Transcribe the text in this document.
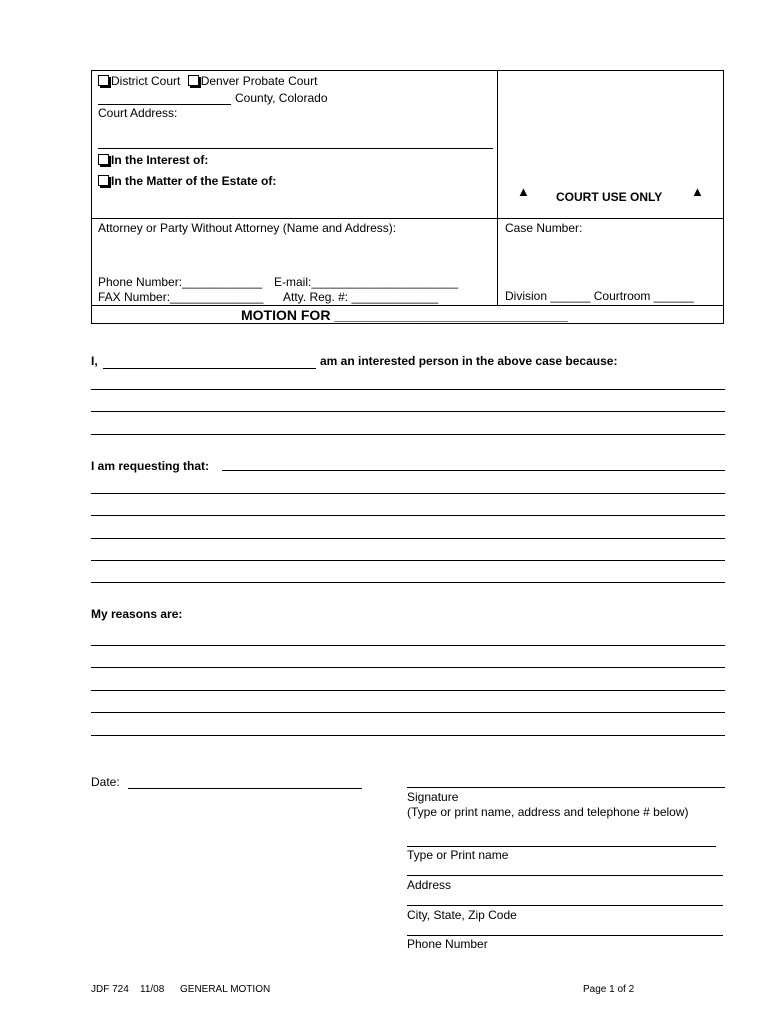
District Court Denver Probate Court
County, Colorado
Court Address:
In the Interest of:
In the Matter of the Estate of:
▲ COURT USE ONLY ▲
Attorney or Party Without Attorney (Name and Address):
Phone Number:____________ E-mail:______________________
FAX Number:______________ Atty. Reg. #: _____________
Case Number:
Division ______ Courtroom ______
MOTION FOR ______________________________
I,	am an interested person in the above case because:
I am requesting that:
My reasons are:
Date:
Signature
(Type or print name, address and telephone # below)
Type or Print name
Address
City, State, Zip Code
Phone Number
JDF 724 11/08 GENERAL MOTION	Page 1 of 2
